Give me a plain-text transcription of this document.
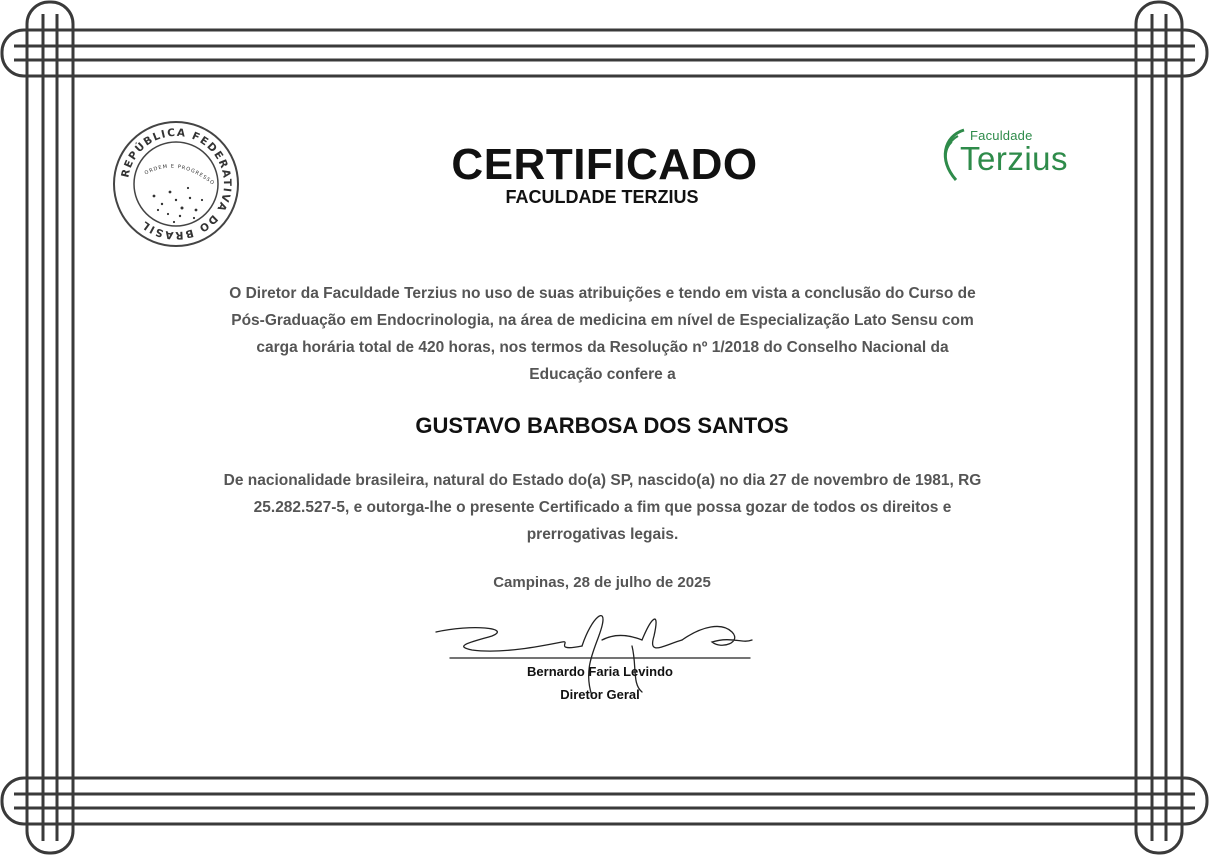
REPÚBLICA FEDERATIVA DO BRASIL
ORDEM E PROGRESSO
Faculdade
Terzius
CERTIFICADO
FACULDADE TERZIUS
O Diretor da Faculdade Terzius no uso de suas atribuições e tendo em vista a conclusão do Curso de Pós-Graduação em Endocrinologia, na área de medicina em nível de Especialização Lato Sensu com carga horária total de 420 horas, nos termos da Resolução nº 1/2018 do Conselho Nacional da Educação confere a
GUSTAVO BARBOSA DOS SANTOS
De nacionalidade brasileira, natural do Estado do(a) SP, nascido(a) no dia 27 de novembro de 1981, RG 25.282.527-5, e outorga-lhe o presente Certificado a fim que possa gozar de todos os direitos e prerrogativas legais.
Campinas, 28 de julho de 2025
Bernardo Faria Levindo
Diretor Geral
